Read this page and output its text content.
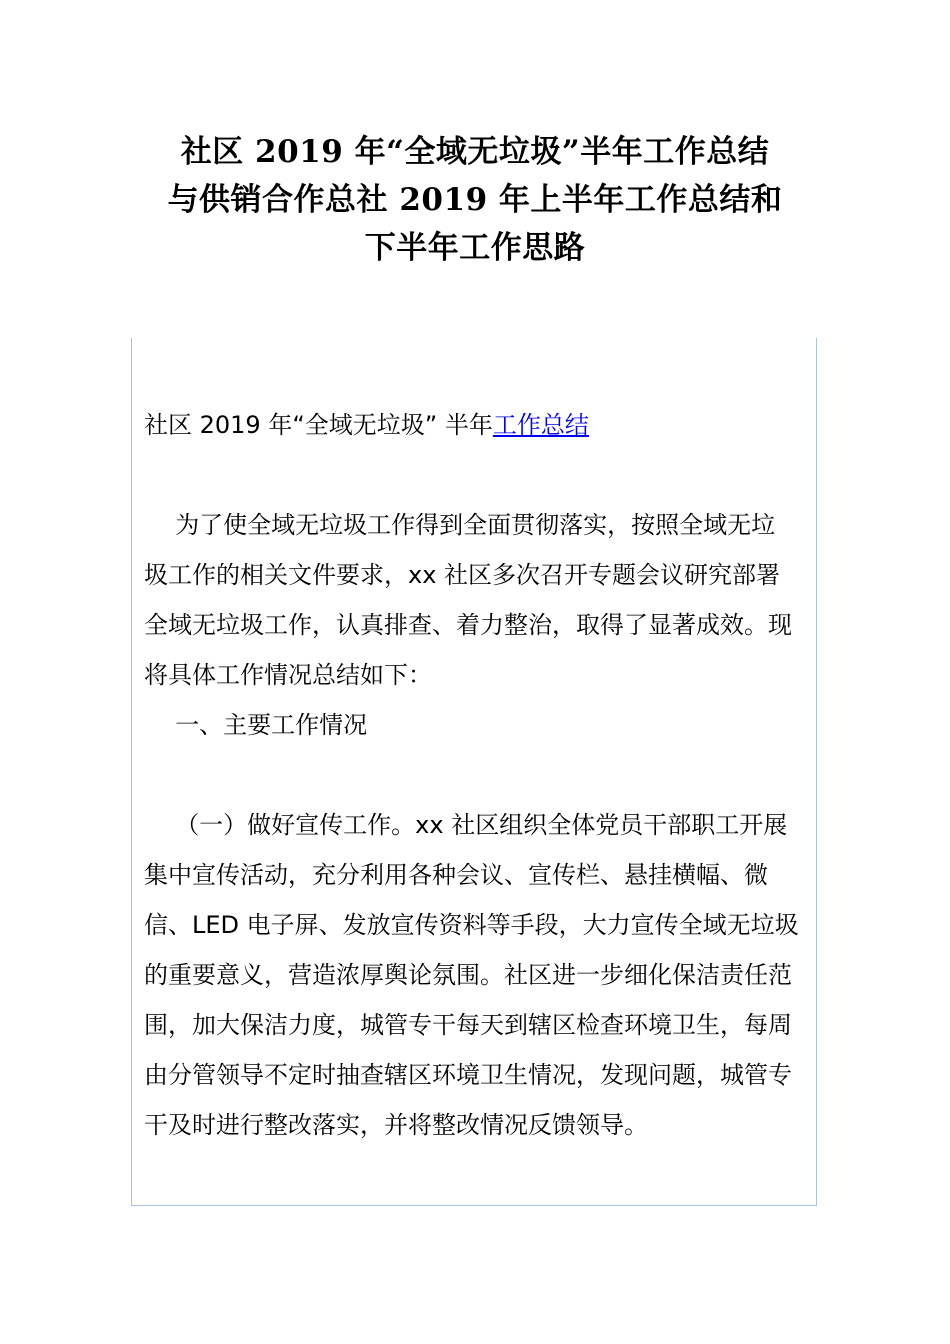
社区 2019 年“全域无垃圾”半年工作总结
与供销合作总社 2019 年上半年工作总结和
下半年工作思路

社区 2019 年“全域无垃圾” 半年工作总结

为了使全域无垃圾工作得到全面贯彻落实，按照全域无垃圾工作的相关文件要求，xx 社区多次召开专题会议研究部署全域无垃圾工作，认真排查、着力整治，取得了显著成效。现将具体工作情况总结如下：

一、主要工作情况

（一）做好宣传工作。xx 社区组织全体党员干部职工开展集中宣传活动，充分利用各种会议、宣传栏、悬挂横幅、微信、LED 电子屏、发放宣传资料等手段，大力宣传全域无垃圾的重要意义，营造浓厚舆论氛围。社区进一步细化保洁责任范围，加大保洁力度，城管专干每天到辖区检查环境卫生，每周由分管领导不定时抽查辖区环境卫生情况，发现问题，城管专干及时进行整改落实，并将整改情况反馈领导。
